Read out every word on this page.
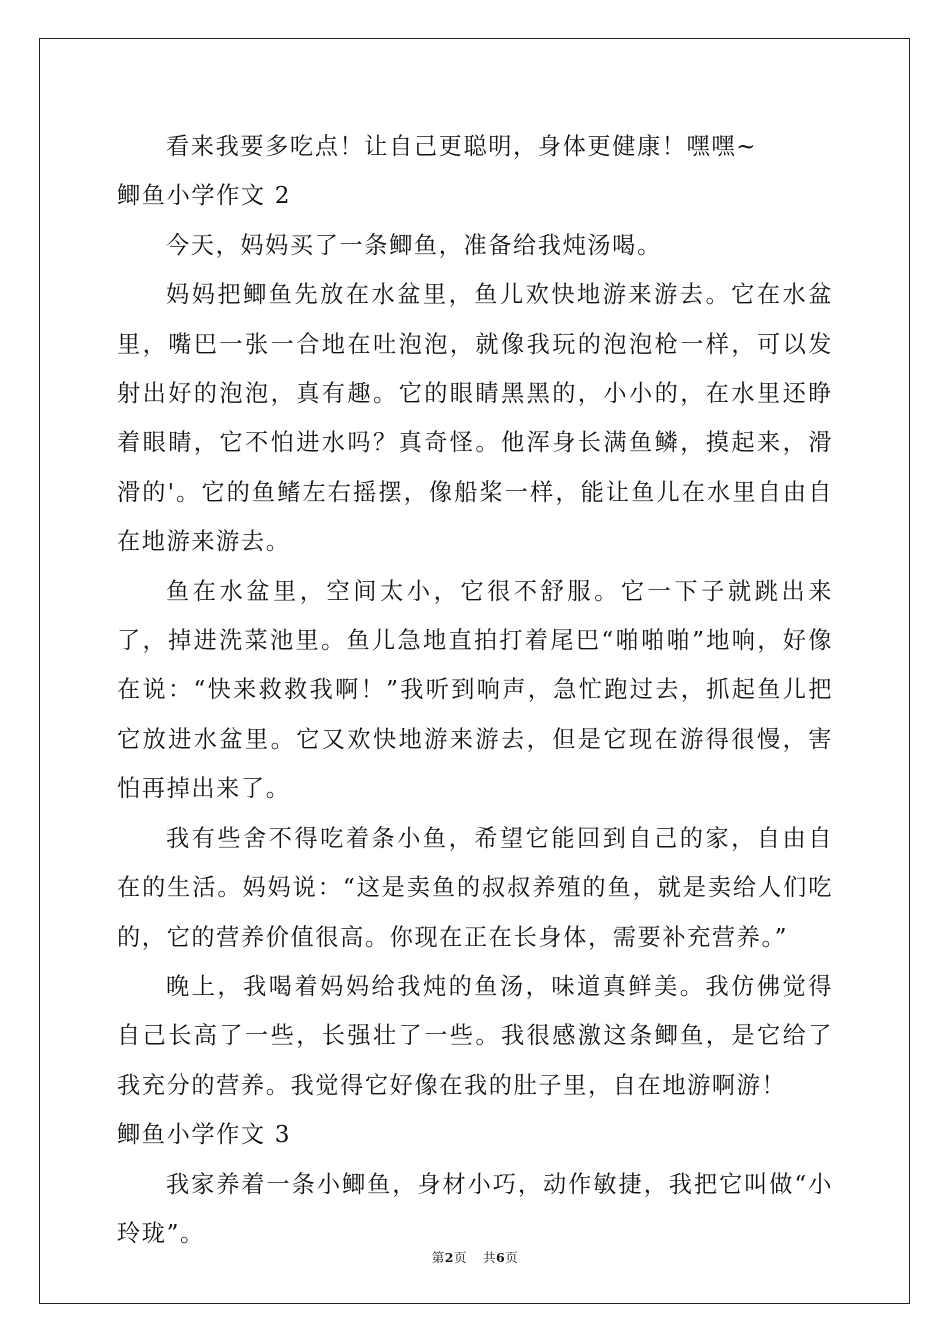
看来我要多吃点！让自己更聪明，身体更健康！嘿嘿~

鲫鱼小学作文 2

今天，妈妈买了一条鲫鱼，准备给我炖汤喝。

妈妈把鲫鱼先放在水盆里，鱼儿欢快地游来游去。它在水盆里，嘴巴一张一合地在吐泡泡，就像我玩的泡泡枪一样，可以发射出好的泡泡，真有趣。它的眼睛黑黑的，小小的，在水里还睁着眼睛，它不怕进水吗？真奇怪。他浑身长满鱼鳞，摸起来，滑滑的'。它的鱼鳍左右摇摆，像船桨一样，能让鱼儿在水里自由自在地游来游去。

鱼在水盆里，空间太小，它很不舒服。它一下子就跳出来了，掉进洗菜池里。鱼儿急地直拍打着尾巴“啪啪啪”地响，好像在说：“快来救救我啊！”我听到响声，急忙跑过去，抓起鱼儿把它放进水盆里。它又欢快地游来游去，但是它现在游得很慢，害怕再掉出来了。

我有些舍不得吃着条小鱼，希望它能回到自己的家，自由自在的生活。妈妈说：“这是卖鱼的叔叔养殖的鱼，就是卖给人们吃的，它的营养价值很高。你现在正在长身体，需要补充营养。”

晚上，我喝着妈妈给我炖的鱼汤，味道真鲜美。我仿佛觉得自己长高了一些，长强壮了一些。我很感激这条鲫鱼，是它给了我充分的营养。我觉得它好像在我的肚子里，自在地游啊游！

鲫鱼小学作文 3

我家养着一条小鲫鱼，身材小巧，动作敏捷，我把它叫做“小玲珑”。

第2页 共6页
